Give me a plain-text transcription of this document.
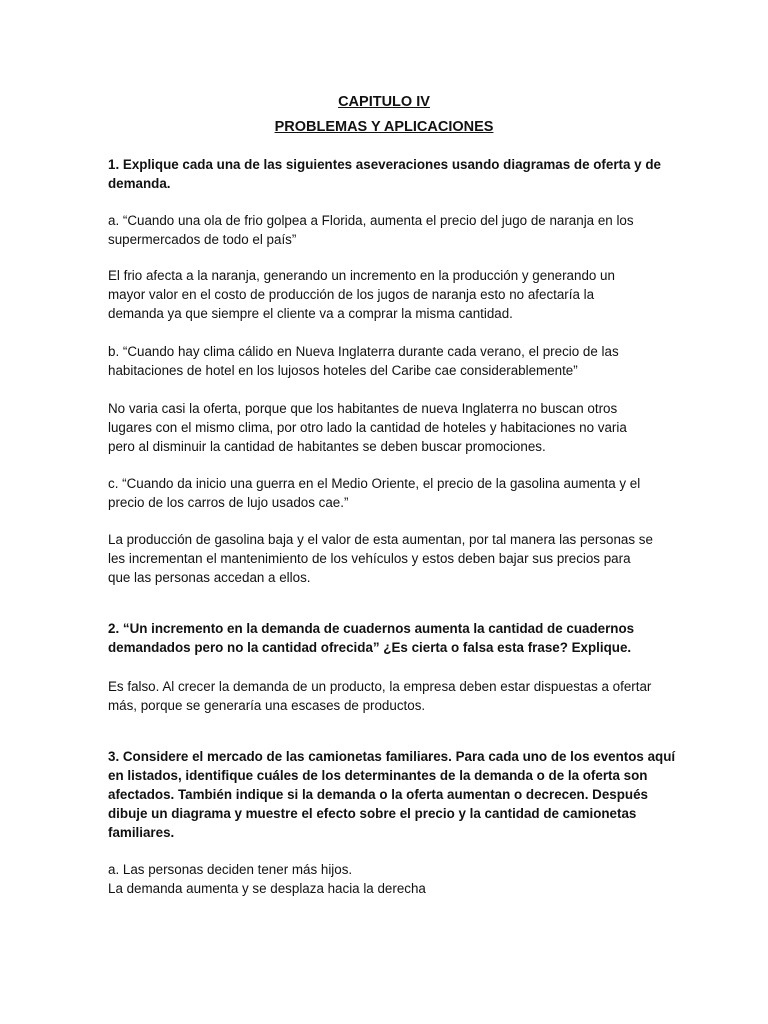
CAPITULO IV
PROBLEMAS Y APLICACIONES
1. Explique cada una de las siguientes aseveraciones usando diagramas de oferta y de
demanda.
a. “Cuando una ola de frio golpea a Florida, aumenta el precio del jugo de naranja en los
supermercados de todo el país”
El frio afecta a la naranja, generando un incremento en la producción y generando un
mayor valor en el costo de producción de los jugos de naranja esto no afectaría la
demanda ya que siempre el cliente va a comprar la misma cantidad.
b. “Cuando hay clima cálido en Nueva Inglaterra durante cada verano, el precio de las
habitaciones de hotel en los lujosos hoteles del Caribe cae considerablemente”
No varia casi la oferta, porque que los habitantes de nueva Inglaterra no buscan otros
lugares con el mismo clima, por otro lado la cantidad de hoteles y habitaciones no varia
pero al disminuir la cantidad de habitantes se deben buscar promociones.
c. “Cuando da inicio una guerra en el Medio Oriente, el precio de la gasolina aumenta y el
precio de los carros de lujo usados cae.”
La producción de gasolina baja y el valor de esta aumentan, por tal manera las personas se
les incrementan el mantenimiento de los vehículos y estos deben bajar sus precios para
que las personas accedan a ellos.
2. “Un incremento en la demanda de cuadernos aumenta la cantidad de cuadernos
demandados pero no la cantidad ofrecida” ¿Es cierta o falsa esta frase? Explique.
Es falso. Al crecer la demanda de un producto, la empresa deben estar dispuestas a ofertar
más, porque se generaría una escases de productos.
3. Considere el mercado de las camionetas familiares. Para cada uno de los eventos aquí
en listados, identifique cuáles de los determinantes de la demanda o de la oferta son
afectados. También indique si la demanda o la oferta aumentan o decrecen. Después
dibuje un diagrama y muestre el efecto sobre el precio y la cantidad de camionetas
familiares.
a. Las personas deciden tener más hijos.
La demanda aumenta y se desplaza hacia la derecha
